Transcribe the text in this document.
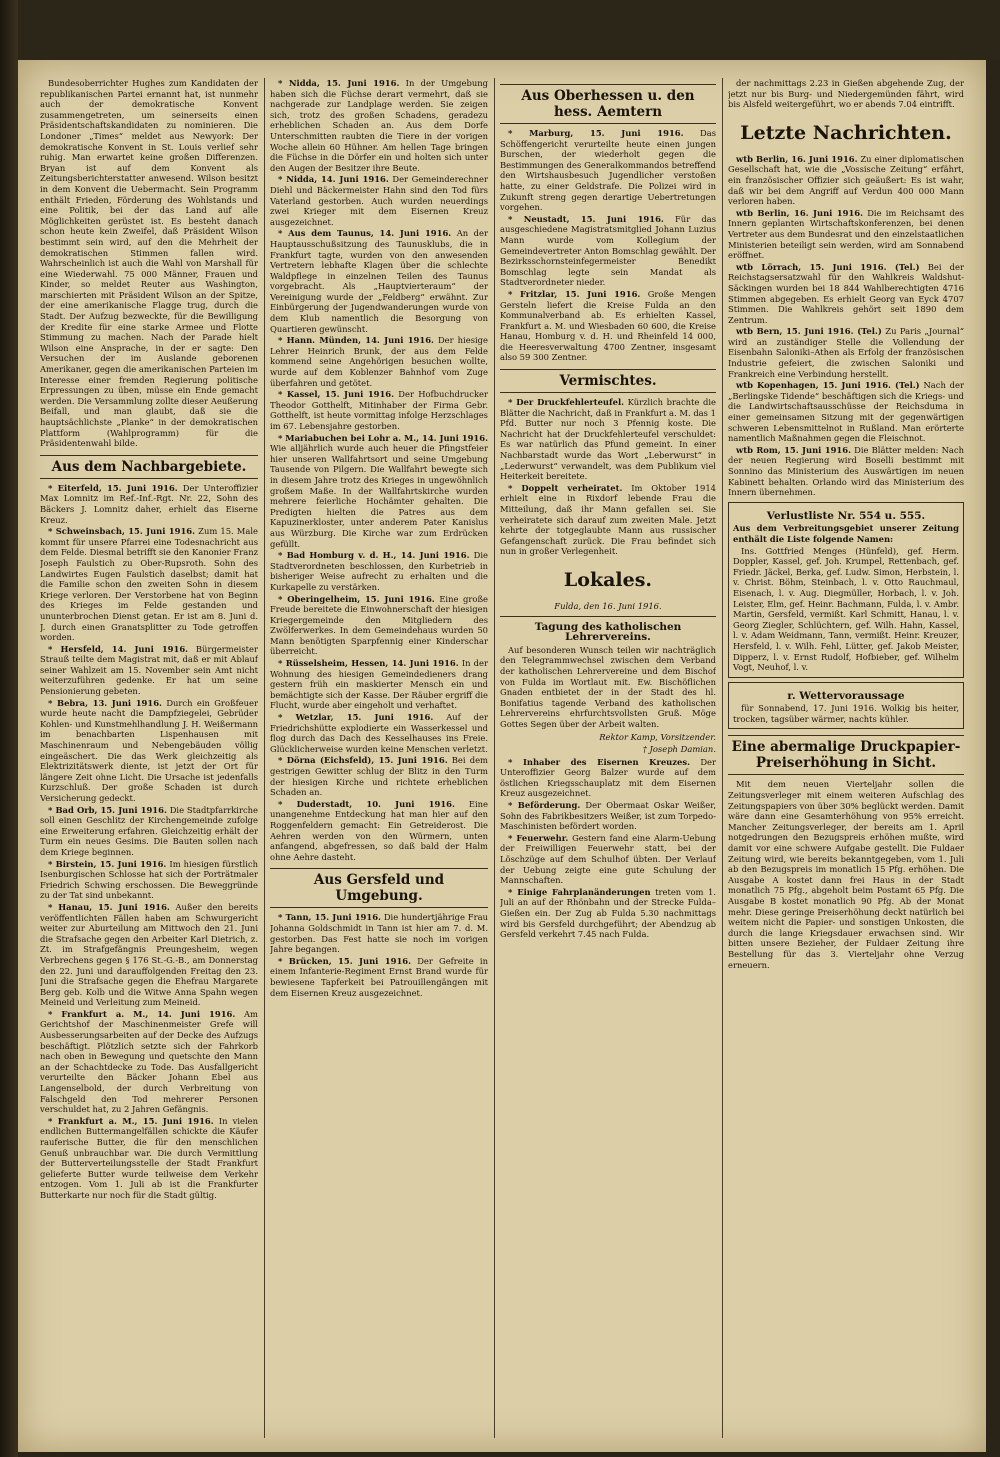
Bundesoberrichter Hughes zum Kandidaten der republikanischen Partei ernannt hat, ist nunmehr auch der demokratische Konvent zusammengetreten, um seinerseits einen Präsidentschaftskandidaten zu nominieren. Die Londoner „Times“ meldet aus Newyork: Der demokratische Konvent in St. Louis verlief sehr ruhig. Man erwartet keine großen Differenzen. Bryan ist auf dem Konvent als Zeitungsberichterstatter anwesend. Wilson besitzt in dem Konvent die Uebermacht. Sein Programm enthält Frieden, Förderung des Wohlstands und eine Politik, bei der das Land auf alle Möglichkeiten gerüstet ist. Es besteht danach schon heute kein Zweifel, daß Präsident Wilson bestimmt sein wird, auf den die Mehrheit der demokratischen Stimmen fallen wird. Wahrscheinlich ist auch die Wahl von Marshall für eine Wiederwahl. 75 000 Männer, Frauen und Kinder, so meldet Reuter aus Washington, marschierten mit Präsident Wilson an der Spitze, der eine amerikanische Flagge trug, durch die Stadt. Der Aufzug bezweckte, für die Bewilligung der Kredite für eine starke Armee und Flotte Stimmung zu machen. Nach der Parade hielt Wilson eine Ansprache, in der er sagte: Den Versuchen der im Auslande geborenen Amerikaner, gegen die amerikanischen Parteien im Interesse einer fremden Regierung politische Erpressungen zu üben, müsse ein Ende gemacht werden. Die Versammlung zollte dieser Aeußerung Beifall, und man glaubt, daß sie die hauptsächlichste „Planke“ in der demokratischen Plattform (Wahlprogramm) für die Präsidentenwahl bilde.

Aus dem Nachbargebiete.

* Eiterfeld, 15. Juni 1916. Der Unteroffizier Max Lomnitz im Ref.-Inf.-Rgt. Nr. 22, Sohn des Bäckers J. Lomnitz daher, erhielt das Eiserne Kreuz.

* Schweinsbach, 15. Juni 1916. Zum 15. Male kommt für unsere Pfarrei eine Todesnachricht aus dem Felde. Diesmal betrifft sie den Kanonier Franz Joseph Faulstich zu Ober-Rupsroth. Sohn des Landwirtes Eugen Faulstich daselbst; damit hat die Familie schon den zweiten Sohn in diesem Kriege verloren. Der Verstorbene hat von Beginn des Krieges im Felde gestanden und ununterbrochen Dienst getan. Er ist am 8. Juni d. J. durch einen Granatsplitter zu Tode getroffen worden.

* Hersfeld, 14. Juni 1916. Bürgermeister Strauß teilte dem Magistrat mit, daß er mit Ablauf seiner Wahlzeit am 15. November sein Amt nicht weiterzuführen gedenke. Er hat um seine Pensionierung gebeten.

* Bebra, 13. Juni 1916. Durch ein Großfeuer wurde heute nacht die Dampfziegelei, Gebrüder Kohlen- und Kunstmehlhandlung J. H. Weißermann im benachbarten Lispenhausen mit Maschinenraum und Nebengebäuden völlig eingeäschert. Die das Werk gleichzeitig als Elektrizitätswerk diente, ist jetzt der Ort für längere Zeit ohne Licht. Die Ursache ist jedenfalls Kurzschluß. Der große Schaden ist durch Versicherung gedeckt.

* Bad Orb, 15. Juni 1916. Die Stadtpfarrkirche soll einen Geschlitz der Kirchengemeinde zufolge eine Erweiterung erfahren. Gleichzeitig erhält der Turm ein neues Gesims. Die Bauten sollen nach dem Kriege beginnen.

* Birstein, 15. Juni 1916. Im hiesigen fürstlich Isenburgischen Schlosse hat sich der Porträtmaler Friedrich Schwing erschossen. Die Beweggründe zu der Tat sind unbekannt.

* Hanau, 15. Juni 1916. Außer den bereits veröffentlichten Fällen haben am Schwurgericht weiter zur Aburteilung am Mittwoch den 21. Juni die Strafsache gegen den Arbeiter Karl Dietrich, z. Zt. im Strafgefängnis Preungesheim, wegen Verbrechens gegen § 176 St.-G.-B., am Donnerstag den 22. Juni und darauffolgenden Freitag den 23. Juni die Strafsache gegen die Ehefrau Margarete Berg geb. Kolb und die Witwe Anna Spahn wegen Meineid und Verleitung zum Meineid.

* Frankfurt a. M., 14. Juni 1916. Am Gerichtshof der Maschinenmeister Grefe will Ausbesserungsarbeiten auf der Decke des Aufzugs beschäftigt. Plötzlich setzte sich der Fahrkorb nach oben in Bewegung und quetschte den Mann an der Schachtdecke zu Tode. Das Ausfallgericht verurteilte den Bäcker Johann Ebel aus Langenselbold, der durch Verbreitung von Falschgeld den Tod mehrerer Personen verschuldet hat, zu 2 Jahren Gefängnis.

* Frankfurt a. M., 15. Juni 1916. In vielen endlichen Buttermangelfällen schickte die Käufer rauferische Butter, die für den menschlichen Genuß unbrauchbar war. Die durch Vermittlung der Butterverteilungsstelle der Stadt Frankfurt gelieferte Butter wurde teilweise dem Verkehr entzogen. Vom 1. Juli ab ist die Frankfurter Butterkarte nur noch für die Stadt gültig.

* Nidda, 15. Juni 1916. In der Umgebung haben sich die Füchse derart vermehrt, daß sie nachgerade zur Landplage werden. Sie zeigen sich, trotz des großen Schadens, geradezu erheblichen Schaden an. Aus dem Dorfe Unterschmitten raubten die Tiere in der vorigen Woche allein 60 Hühner. Am hellen Tage bringen die Füchse in die Dörfer ein und holten sich unter den Augen der Besitzer ihre Beute.

* Nidda, 14. Juni 1916. Der Gemeinderechner Diehl und Bäckermeister Hahn sind den Tod fürs Vaterland gestorben. Auch wurden neuerdings zwei Krieger mit dem Eisernen Kreuz ausgezeichnet.

* Aus dem Taunus, 14. Juni 1916. An der Hauptausschußsitzung des Taunusklubs, die in Frankfurt tagte, wurden von den anwesenden Vertretern lebhafte Klagen über die schlechte Waldpflege in einzelnen Teilen des Taunus vorgebracht. Als „Hauptvierteraum“ der Vereinigung wurde der „Feldberg“ erwähnt. Zur Einbürgerung der Jugendwanderungen wurde von dem Klub namentlich die Besorgung von Quartieren gewünscht.

* Hann. Münden, 14. Juni 1916. Der hiesige Lehrer Heinrich Brunk, der aus dem Felde kommend seine Angehörigen besuchen wollte, wurde auf dem Koblenzer Bahnhof vom Zuge überfahren und getötet.

* Kassel, 15. Juni 1916. Der Hofbuchdrucker Theodor Gotthelft, Mitinhaber der Firma Gebr. Gotthelft, ist heute vormittag infolge Herzschlages im 67. Lebensjahre gestorben.

* Mariabuchen bei Lohr a. M., 14. Juni 1916. Wie alljährlich wurde auch heuer die Pfingstfeier hier unseren Wallfahrtsort und seine Umgebung Tausende von Pilgern. Die Wallfahrt bewegte sich in diesem Jahre trotz des Krieges in ungewöhnlich großem Maße. In der Wallfahrtskirche wurden mehrere feierliche Hochämter gehalten. Die Predigten hielten die Patres aus dem Kapuzinerkloster, unter anderem Pater Kanislus aus Würzburg. Die Kirche war zum Erdrücken gefüllt.

* Bad Homburg v. d. H., 14. Juni 1916. Die Stadtverordneten beschlossen, den Kurbetrieb in bisheriger Weise aufrecht zu erhalten und die Kurkapelle zu verstärken.

* Oberingelheim, 15. Juni 1916. Eine große Freude bereitete die Einwohnerschaft der hiesigen Kriegergemeinde den Mitgliedern des Zwölferwerkes. In dem Gemeindehaus wurden 50 Mann benötigten Sparpfennig einer Kinderschar überreicht.

* Rüsselsheim, Hessen, 14. Juni 1916. In der Wohnung des hiesigen Gemeindedieners drang gestern früh ein maskierter Mensch ein und bemächtigte sich der Kasse. Der Räuber ergriff die Flucht, wurde aber eingeholt und verhaftet.

* Wetzlar, 15. Juni 1916. Auf der Friedrichshütte explodierte ein Wasserkessel und flog durch das Dach des Kesselhauses ins Freie. Glücklicherweise wurden keine Menschen verletzt.

* Dörna (Eichsfeld), 15. Juni 1916. Bei dem gestrigen Gewitter schlug der Blitz in den Turm der hiesigen Kirche und richtete erheblichen Schaden an.

* Duderstadt, 10. Juni 1916. Eine unangenehme Entdeckung hat man hier auf den Roggenfeldern gemacht: Ein Getreiderost. Die Aehren werden von den Würmern, unten anfangend, abgefressen, so daß bald der Halm ohne Aehre dasteht.

Aus Gersfeld und Umgebung.

* Tann, 15. Juni 1916. Die hundertjährige Frau Johanna Goldschmidt in Tann ist hier am 7. d. M. gestorben. Das Fest hatte sie noch im vorigen Jahre begangen.

* Brücken, 15. Juni 1916. Der Gefreite in einem Infanterie-Regiment Ernst Brand wurde für bewiesene Tapferkeit bei Patrouillengängen mit dem Eisernen Kreuz ausgezeichnet.

Aus Oberhessen u. den hess. Aemtern

* Marburg, 15. Juni 1916. Das Schöffengericht verurteilte heute einen jungen Burschen, der wiederholt gegen die Bestimmungen des Generalkommandos betreffend den Wirtshausbesuch Jugendlicher verstoßen hatte, zu einer Geldstrafe. Die Polizei wird in Zukunft streng gegen derartige Uebertretungen vorgehen.

* Neustadt, 15. Juni 1916. Für das ausgeschiedene Magistratsmitglied Johann Luzius Mann wurde vom Kollegium der Gemeindevertreter Anton Bomschlag gewählt. Der Bezirksschornsteinfegermeister Benedikt Bomschlag legte sein Mandat als Stadtverordneter nieder.

* Fritzlar, 15. Juni 1916. Große Mengen Gersteln liefert die Kreise Fulda an den Kommunalverband ab. Es erhielten Kassel, Frankfurt a. M. und Wiesbaden 60 600, die Kreise Hanau, Homburg v. d. H. und Rheinfeld 14 000, die Heeresverwaltung 4700 Zentner, insgesamt also 59 300 Zentner.

Vermischtes.

* Der Druckfehlerteufel. Kürzlich brachte die Blätter die Nachricht, daß in Frankfurt a. M. das 1 Pfd. Butter nur noch 3 Pfennig koste. Die Nachricht hat der Druckfehlerteufel verschuldet: Es war natürlich das Pfund gemeint. In einer Nachbarstadt wurde das Wort „Leberwurst“ in „Lederwurst“ verwandelt, was dem Publikum viel Heiterkeit bereitete.

* Doppelt verheiratet. Im Oktober 1914 erhielt eine in Rixdorf lebende Frau die Mitteilung, daß ihr Mann gefallen sei. Sie verheiratete sich darauf zum zweiten Male. Jetzt kehrte der totgeglaubte Mann aus russischer Gefangenschaft zurück. Die Frau befindet sich nun in großer Verlegenheit.

Lokales.
Fulda, den 16. Juni 1916.
Tagung des katholischen Lehrervereins.

Auf besonderen Wunsch teilen wir nachträglich den Telegrammwechsel zwischen dem Verband der katholischen Lehrervereine und dem Bischof von Fulda im Wortlaut mit. Ew. Bischöflichen Gnaden entbietet der in der Stadt des hl. Bonifatius tagende Verband des katholischen Lehrervereins ehrfurchtsvollsten Gruß. Möge Gottes Segen über der Arbeit walten.

Rektor Kamp, Vorsitzender.
† Joseph Damian.

* Inhaber des Eisernen Kreuzes. Der Unteroffizier Georg Balzer wurde auf dem östlichen Kriegsschauplatz mit dem Eisernen Kreuz ausgezeichnet.

* Beförderung. Der Obermaat Oskar Weißer, Sohn des Fabrikbesitzers Weißer, ist zum Torpedo-Maschinisten befördert worden.

* Feuerwehr. Gestern fand eine Alarm-Uebung der Freiwilligen Feuerwehr statt, bei der Löschzüge auf dem Schulhof übten. Der Verlauf der Uebung zeigte eine gute Schulung der Mannschaften.

* Einige Fahrplanänderungen treten vom 1. Juli an auf der Rhönbahn und der Strecke Fulda–Gießen ein. Der Zug ab Fulda 5.30 nachmittags wird bis Gersfeld durchgeführt; der Abendzug ab Gersfeld verkehrt 7.45 nach Fulda.

der nachmittags 2.23 in Gießen abgehende Zug, der jetzt nur bis Burg- und Niedergemünden fährt, wird bis Alsfeld weitergeführt, wo er abends 7.04 eintrifft.

Letzte Nachrichten.

wtb Berlin, 16. Juni 1916. Zu einer diplomatischen Gesellschaft hat, wie die „Vossische Zeitung“ erfährt, ein französischer Offizier sich geäußert: Es ist wahr, daß wir bei dem Angriff auf Verdun 400 000 Mann verloren haben.

wtb Berlin, 16. Juni 1916. Die im Reichsamt des Innern geplanten Wirtschaftskonferenzen, bei denen Vertreter aus dem Bundesrat und den einzelstaatlichen Ministerien beteiligt sein werden, wird am Sonnabend eröffnet.

wtb Lörrach, 15. Juni 1916. (Tel.) Bei der Reichstagsersatzwahl für den Wahlkreis Waldshut-Säckingen wurden bei 18 844 Wahlberechtigten 4716 Stimmen abgegeben. Es erhielt Georg van Eyck 4707 Stimmen. Die Wahlkreis gehört seit 1890 dem Zentrum.

wtb Bern, 15. Juni 1916. (Tel.) Zu Paris „Journal“ wird an zuständiger Stelle die Vollendung der Eisenbahn Saloniki–Athen als Erfolg der französischen Industrie gefeiert, die zwischen Saloniki und Frankreich eine Verbindung herstellt.

wtb Kopenhagen, 15. Juni 1916. (Tel.) Nach der „Berlingske Tidende“ beschäftigen sich die Kriegs- und die Landwirtschaftsausschüsse der Reichsduma in einer gemeinsamen Sitzung mit der gegenwärtigen schweren Lebensmittelnot in Rußland. Man erörterte namentlich Maßnahmen gegen die Fleischnot.

wtb Rom, 15. Juni 1916. Die Blätter melden: Nach der neuen Regierung wird Boselli bestimmt mit Sonnino das Ministerium des Auswärtigen im neuen Kabinett behalten. Orlando wird das Ministerium des Innern übernehmen.

Verlustliste Nr. 554 u. 555.

Aus dem Verbreitungsgebiet unserer Zeitung enthält die Liste folgende Namen:

Ins. Gottfried Menges (Hünfeld), gef. Herm. Doppler, Kassel, gef. Joh. Krumpel, Rettenbach, gef. Friedr. Jäckel, Berka, gef. Ludw. Simon, Herbstein, l. v. Christ. Böhm, Steinbach, l. v. Otto Rauchmaul, Eisenach, l. v. Aug. Diegmüller, Horbach, l. v. Joh. Leister, Elm, gef. Heinr. Bachmann, Fulda, l. v. Ambr. Martin, Gersfeld, vermißt. Karl Schmitt, Hanau, l. v. Georg Ziegler, Schlüchtern, gef. Wilh. Hahn, Kassel, l. v. Adam Weidmann, Tann, vermißt. Heinr. Kreuzer, Hersfeld, l. v. Wilh. Fehl, Lütter, gef. Jakob Meister, Dipperz, l. v. Ernst Rudolf, Hofbieber, gef. Wilhelm Vogt, Neuhof, l. v.

r. Wettervoraussage

für Sonnabend, 17. Juni 1916. Wolkig bis heiter, trocken, tagsüber wärmer, nachts kühler.

Eine abermalige Druckpapier-Preiserhöhung in Sicht.

Mit dem neuen Vierteljahr sollen die Zeitungsverleger mit einem weiteren Aufschlag des Zeitungspapiers von über 30% beglückt werden. Damit wäre dann eine Gesamterhöhung von 95% erreicht. Mancher Zeitungsverleger, der bereits am 1. April notgedrungen den Bezugspreis erhöhen mußte, wird damit vor eine schwere Aufgabe gestellt. Die Fuldaer Zeitung wird, wie bereits bekanntgegeben, vom 1. Juli ab den Bezugspreis im monatlich 15 Pfg. erhöhen. Die Ausgabe A kostet dann frei Haus in der Stadt monatlich 75 Pfg., abgeholt beim Postamt 65 Pfg. Die Ausgabe B kostet monatlich 90 Pfg. Ab der Monat mehr. Diese geringe Preiserhöhung deckt natürlich bei weitem nicht die Papier- und sonstigen Unkosten, die durch die lange Kriegsdauer erwachsen sind. Wir bitten unsere Bezieher, der Fuldaer Zeitung ihre Bestellung für das 3. Vierteljahr ohne Verzug erneuern.
